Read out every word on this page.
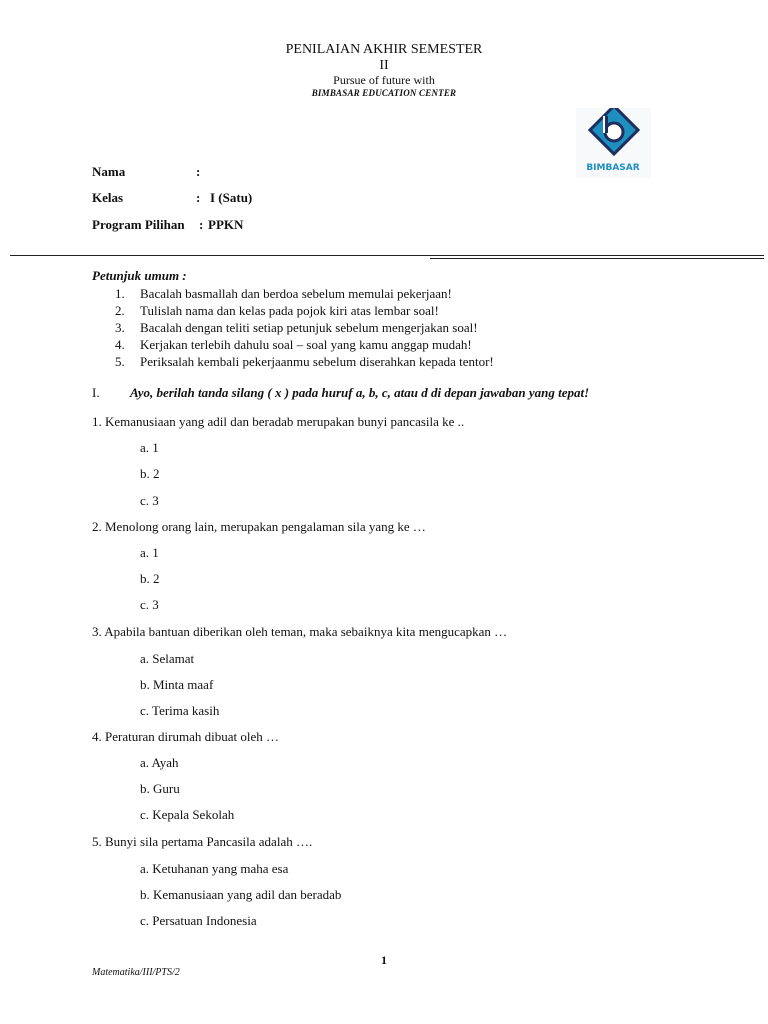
PENILAIAN AKHIR SEMESTER
II
Pursue of future with
BIMBASAR EDUCATION CENTER
BIMBASAR
Nama	:
Kelas	: I (Satu)
Program Pilihan : PPKN
Petunjuk umum :
1. Bacalah basmallah dan berdoa sebelum memulai pekerjaan!
2. Tulislah nama dan kelas pada pojok kiri atas lembar soal!
3. Bacalah dengan teliti setiap petunjuk sebelum mengerjakan soal!
4. Kerjakan terlebih dahulu soal – soal yang kamu anggap mudah!
5. Periksalah kembali pekerjaanmu sebelum diserahkan kepada tentor!
I. Ayo, berilah tanda silang ( x ) pada huruf a, b, c, atau d di depan jawaban yang tepat!
1. Kemanusiaan yang adil dan beradab merupakan bunyi pancasila ke ..
a. 1
b. 2
c. 3
2. Menolong orang lain, merupakan pengalaman sila yang ke …
a. 1
b. 2
c. 3
3. Apabila bantuan diberikan oleh teman, maka sebaiknya kita mengucapkan …
a. Selamat
b. Minta maaf
c. Terima kasih
4. Peraturan dirumah dibuat oleh …
a. Ayah
b. Guru
c. Kepala Sekolah
5. Bunyi sila pertama Pancasila adalah ….
a. Ketuhanan yang maha esa
b. Kemanusiaan yang adil dan beradab
c. Persatuan Indonesia
1
Matematika/III/PTS/2
